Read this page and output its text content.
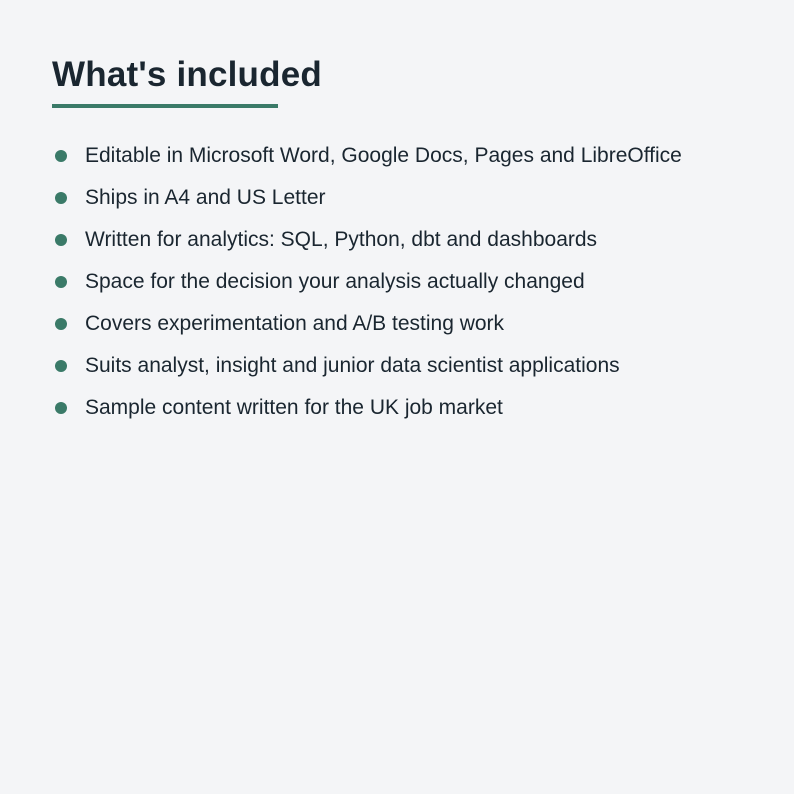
What's included
Editable in Microsoft Word, Google Docs, Pages and LibreOffice
Ships in A4 and US Letter
Written for analytics: SQL, Python, dbt and dashboards
Space for the decision your analysis actually changed
Covers experimentation and A/B testing work
Suits analyst, insight and junior data scientist applications
Sample content written for the UK job market
